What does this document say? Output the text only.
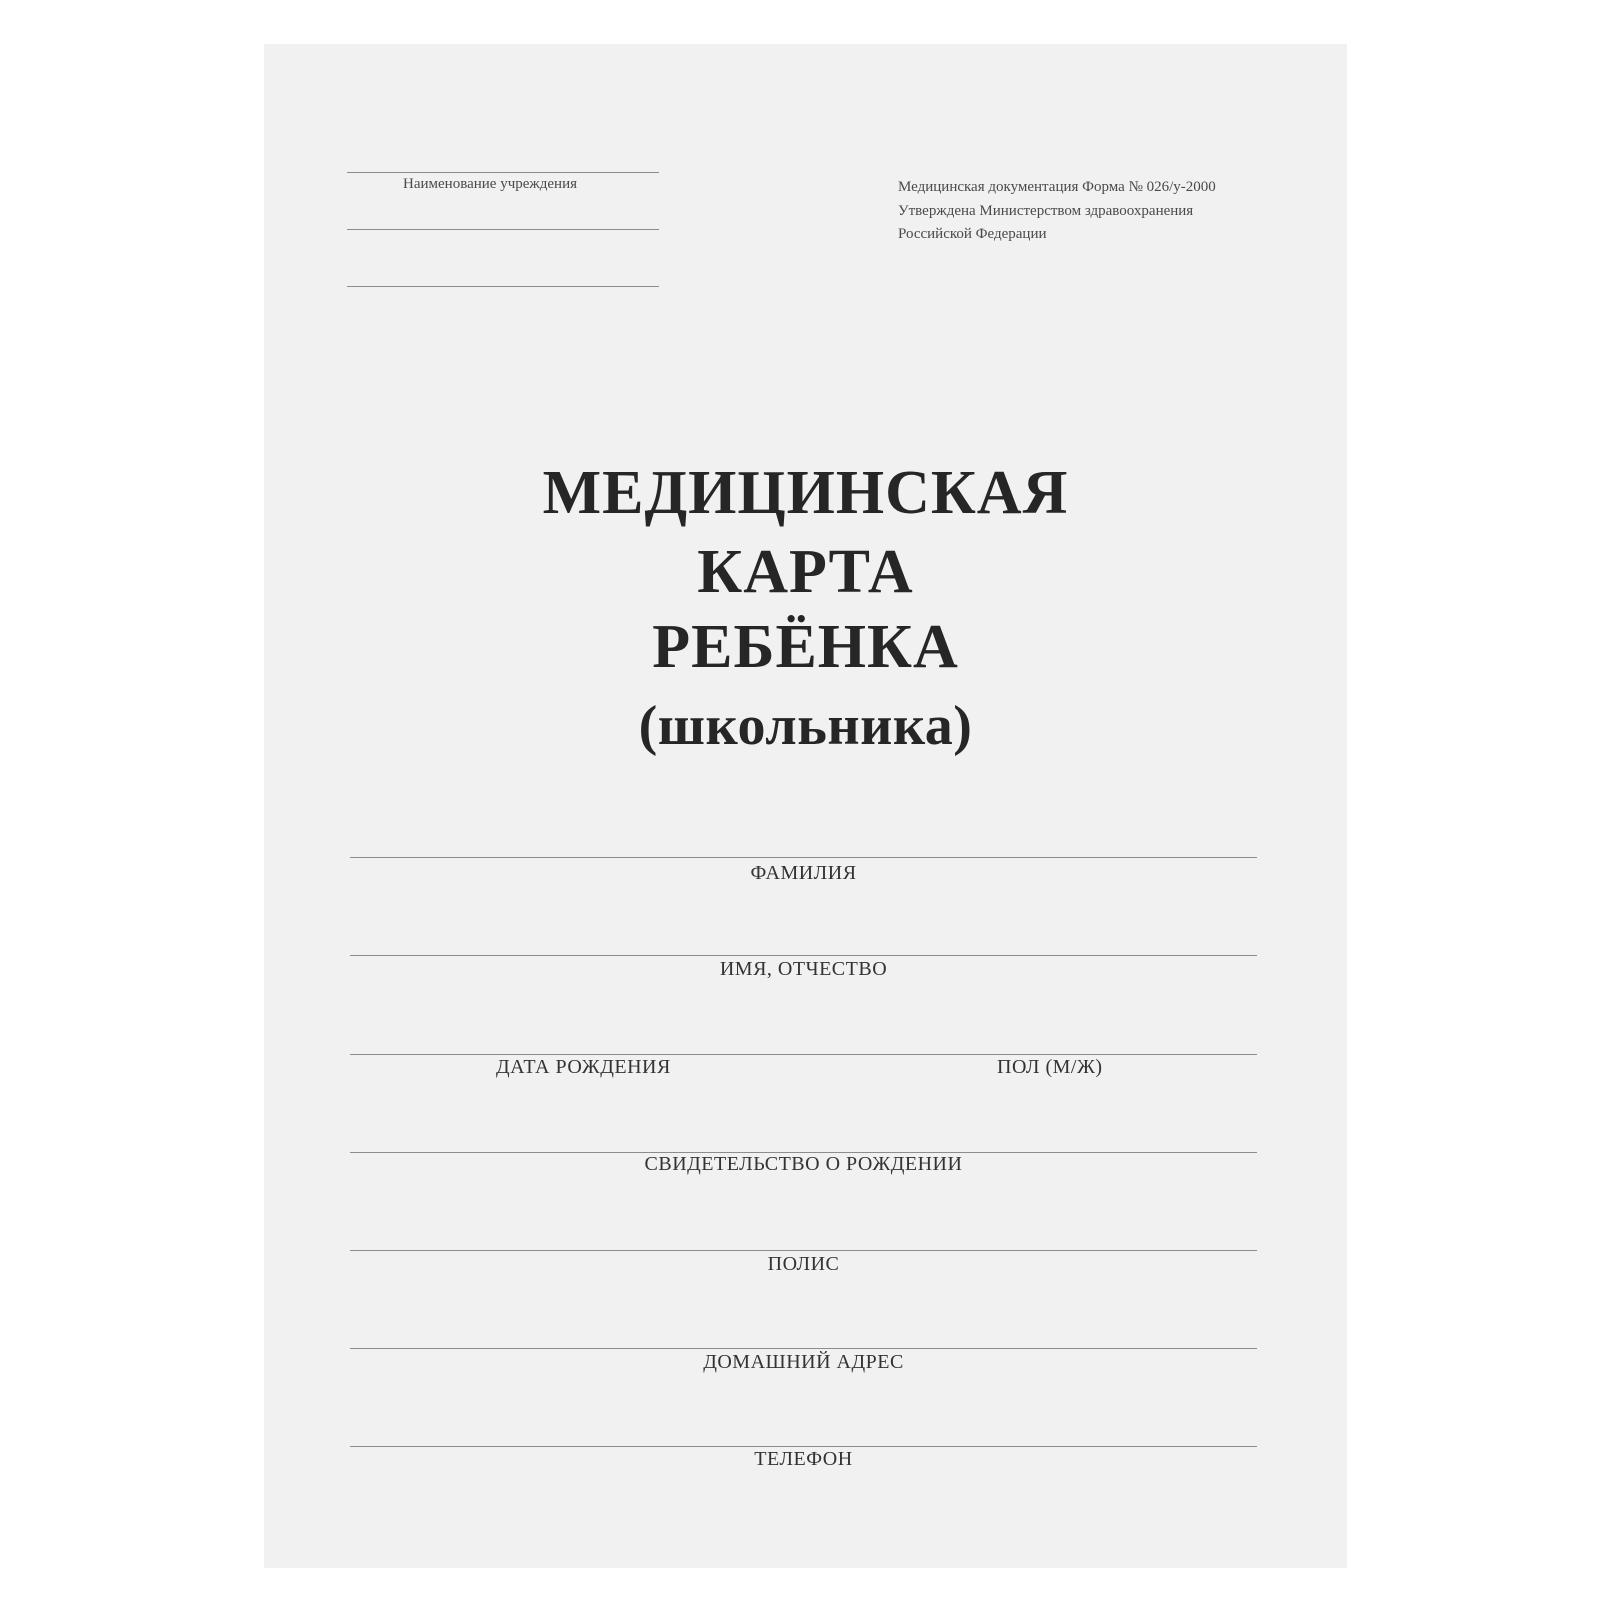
Наименование учреждения	Медицинская документация Форма № 026/у-2000
Утверждена Министерством здравоохранения
Российской Федерации
МЕДИЦИНСКАЯ
КАРТА
РЕБЁНКА
(школьника)
ФАМИЛИЯ
ИМЯ, ОТЧЕСТВО
ДАТА РОЖДЕНИЯ	ПОЛ (М/Ж)
СВИДЕТЕЛЬСТВО О РОЖДЕНИИ
ПОЛИС
ДОМАШНИЙ АДРЕС
ТЕЛЕФОН
